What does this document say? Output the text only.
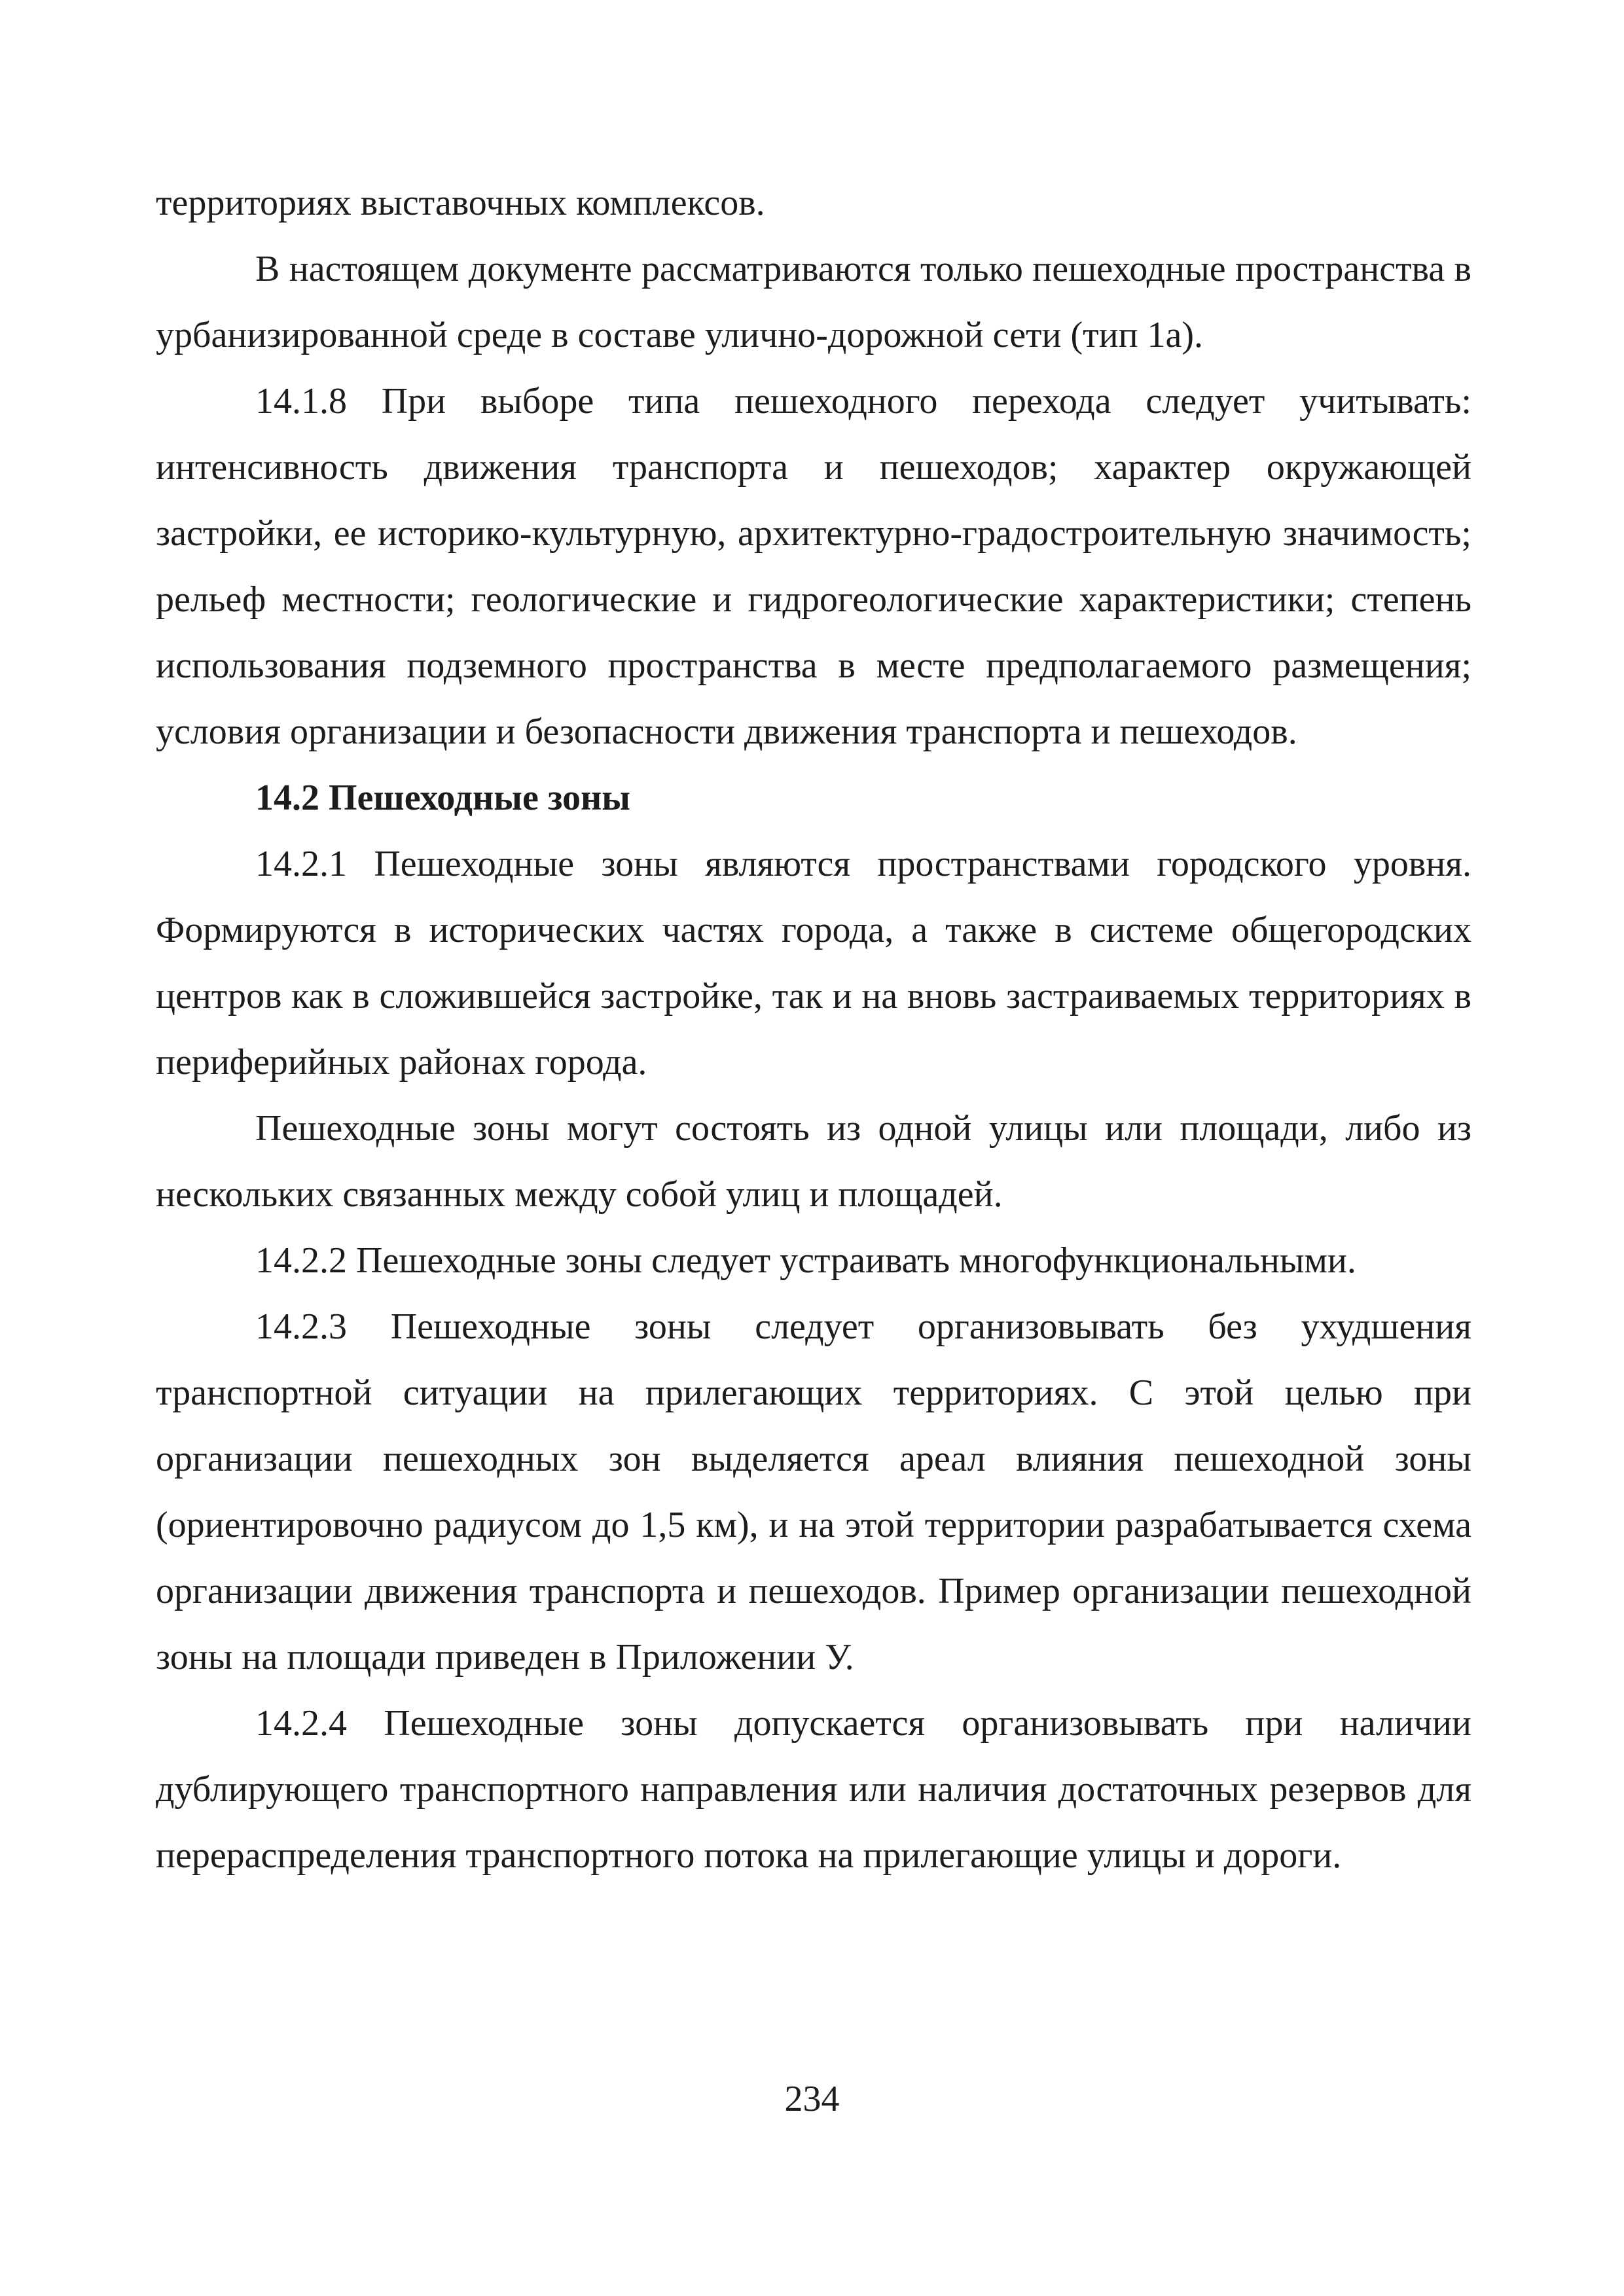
территориях выставочных комплексов.

В настоящем документе рассматриваются только пешеходные пространства в урбанизированной среде в составе улично-дорожной сети (тип 1а).

14.1.8 При выборе типа пешеходного перехода следует учитывать: интенсивность движения транспорта и пешеходов; характер окружающей застройки, ее историко-культурную, архитектурно-градостроительную значимость; рельеф местности; геологические и гидрогеологические характеристики; степень использования подземного пространства в месте предполагаемого размещения; условия организации и безопасности движения транспорта и пешеходов.

14.2 Пешеходные зоны

14.2.1 Пешеходные зоны являются пространствами городского уровня. Формируются в исторических частях города, а также в системе общегородских центров как в сложившейся застройке, так и на вновь застраиваемых территориях в периферийных районах города.

Пешеходные зоны могут состоять из одной улицы или площади, либо из нескольких связанных между собой улиц и площадей.

14.2.2 Пешеходные зоны следует устраивать многофункциональными.

14.2.3 Пешеходные зоны следует организовывать без ухудшения транспортной ситуации на прилегающих территориях. С этой целью при организации пешеходных зон выделяется ареал влияния пешеходной зоны (ориентировочно радиусом до 1,5 км), и на этой территории разрабатывается схема организации движения транспорта и пешеходов. Пример организации пешеходной зоны на площади приведен в Приложении У.

14.2.4 Пешеходные зоны допускается организовывать при наличии дублирующего транспортного направления или наличия достаточных резервов для перераспределения транспортного потока на прилегающие улицы и дороги.

234
